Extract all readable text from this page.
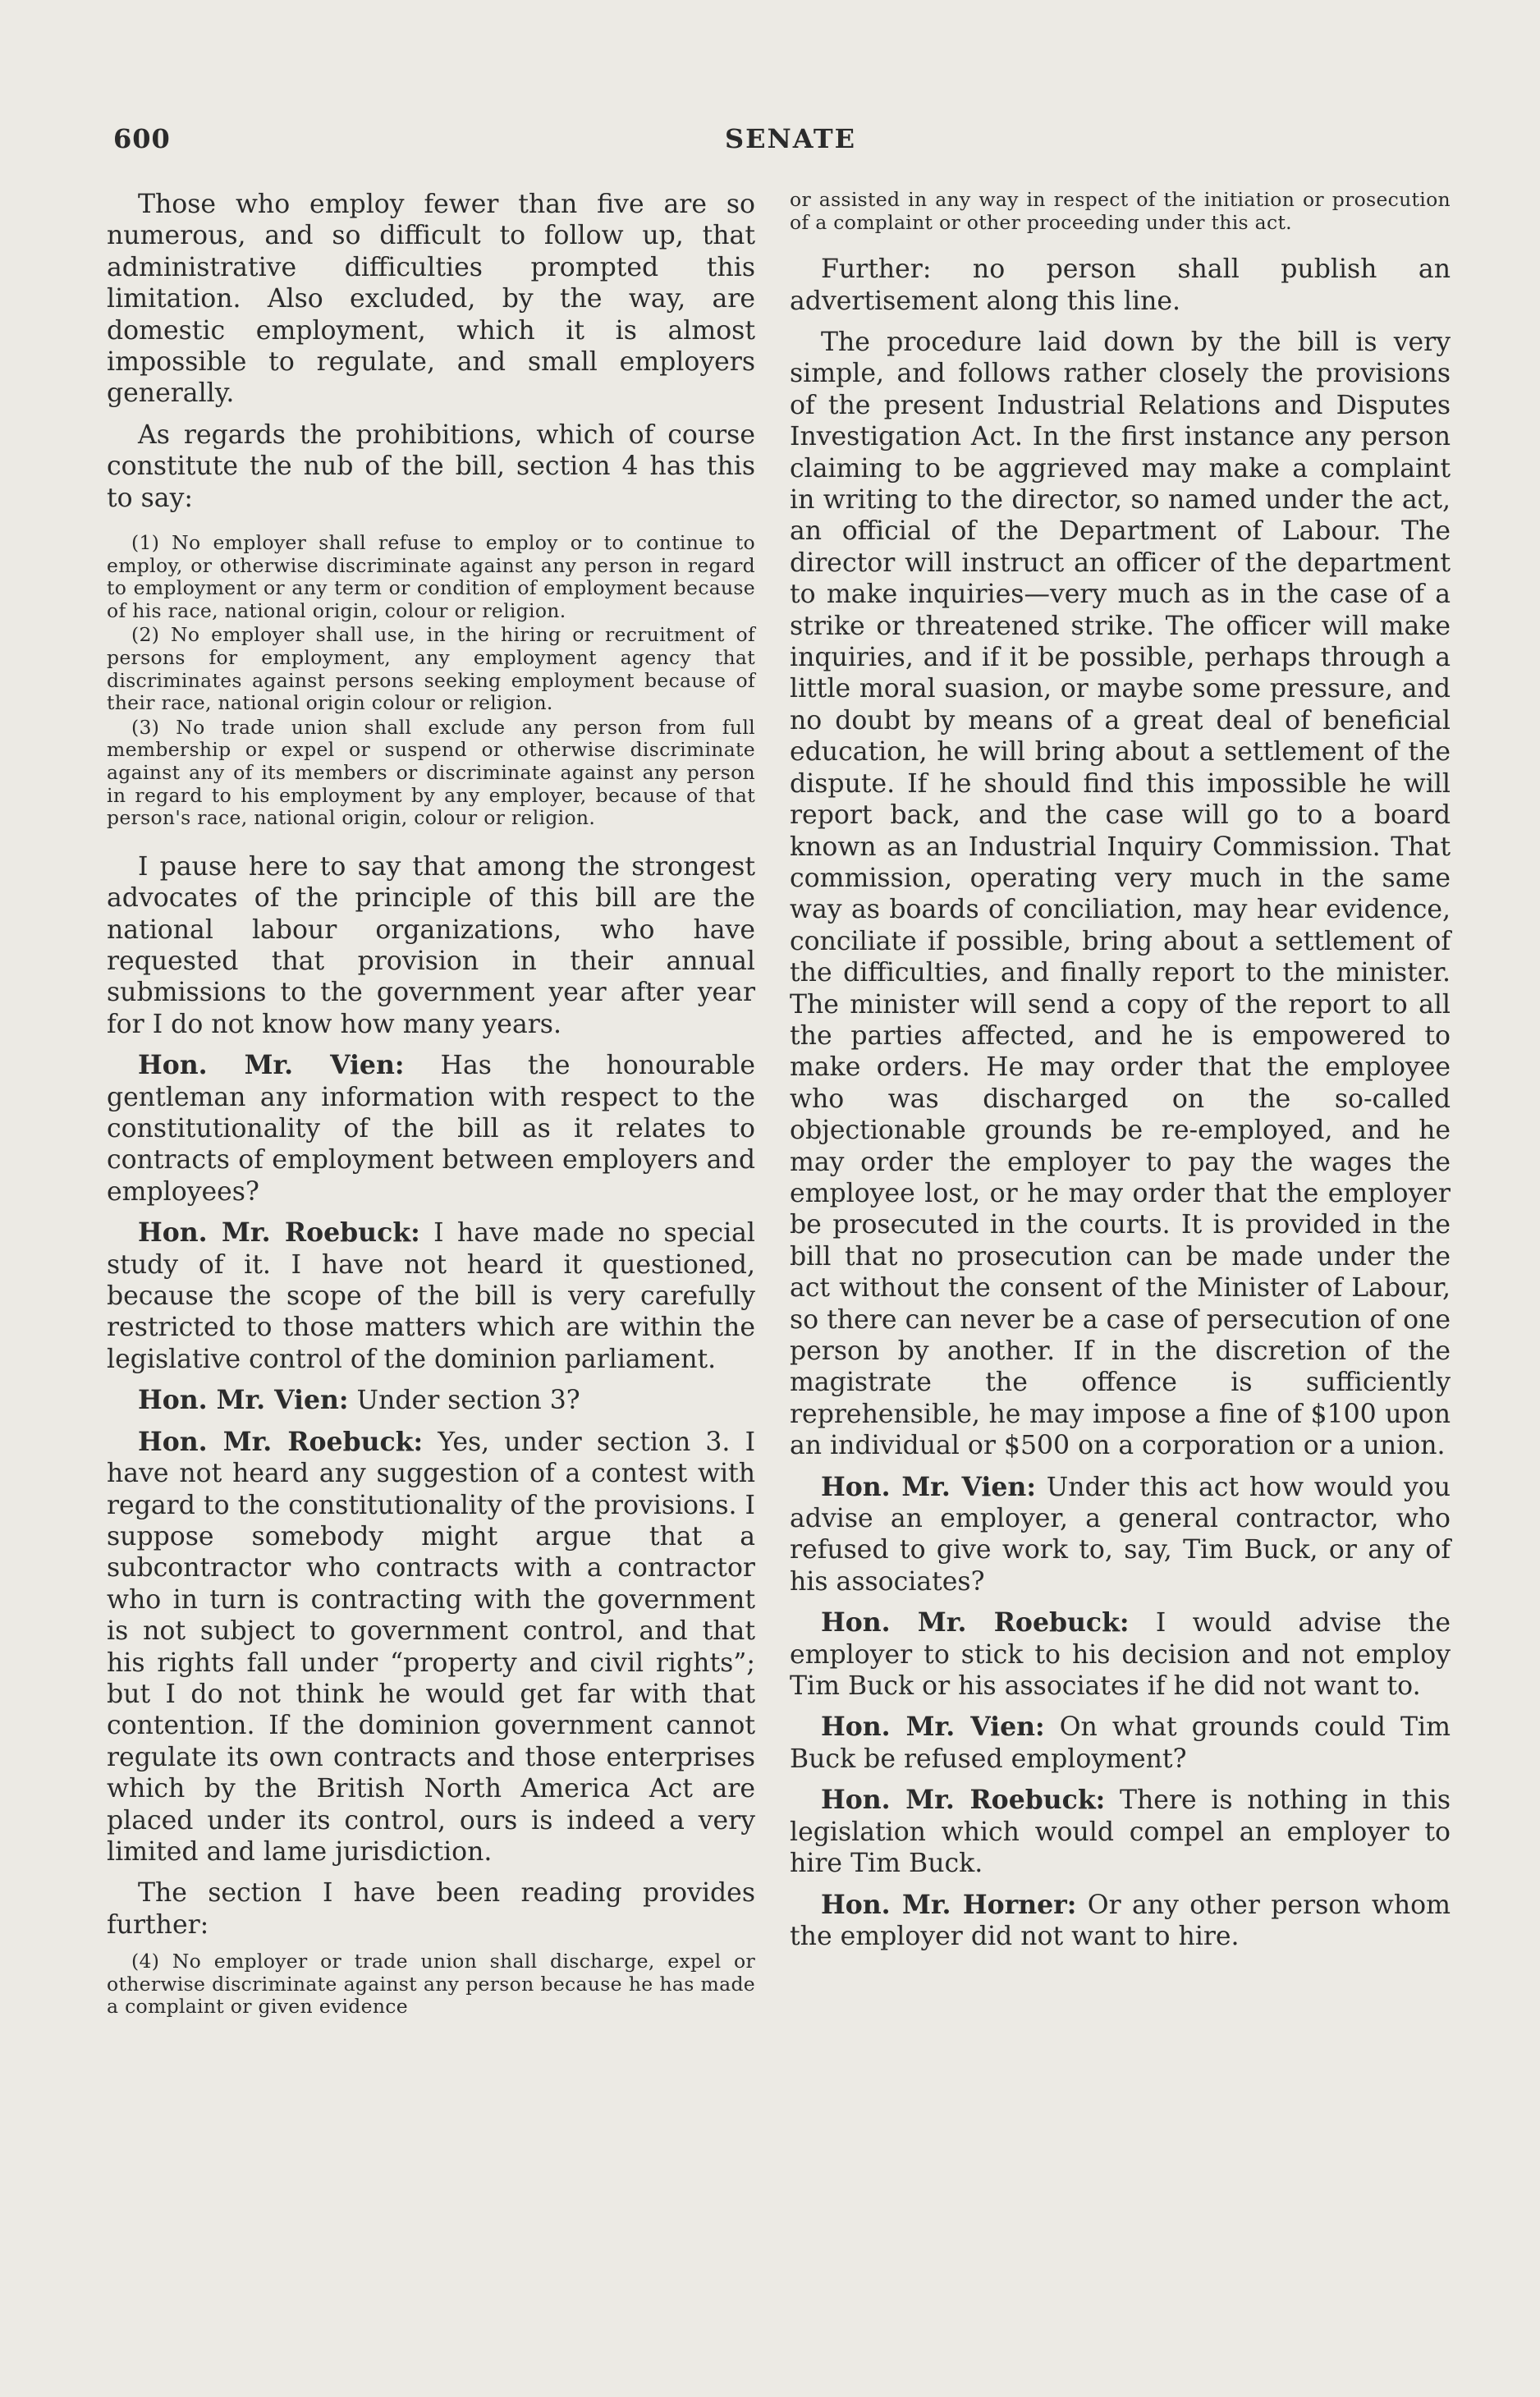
600	SENATE

Those who employ fewer than five are so numerous, and so difficult to follow up, that administrative difficulties prompted this limitation. Also excluded, by the way, are domestic employment, which it is almost impossible to regulate, and small employers generally.

As regards the prohibitions, which of course constitute the nub of the bill, section 4 has this to say:

(1) No employer shall refuse to employ or to continue to employ, or otherwise discriminate against any person in regard to employment or any term or condition of employment because of his race, national origin, colour or religion.

(2) No employer shall use, in the hiring or recruitment of persons for employment, any employment agency that discriminates against persons seeking employment because of their race, national origin colour or religion.

(3) No trade union shall exclude any person from full membership or expel or suspend or otherwise discriminate against any of its members or discriminate against any person in regard to his employment by any employer, because of that person's race, national origin, colour or religion.

I pause here to say that among the strongest advocates of the principle of this bill are the national labour organizations, who have requested that provision in their annual submissions to the government year after year for I do not know how many years.

Hon. Mr. Vien: Has the honourable gentleman any information with respect to the constitutionality of the bill as it relates to contracts of employment between employers and employees?

Hon. Mr. Roebuck: I have made no special study of it. I have not heard it questioned, because the scope of the bill is very carefully restricted to those matters which are within the legislative control of the dominion parliament.

Hon. Mr. Vien: Under section 3?

Hon. Mr. Roebuck: Yes, under section 3. I have not heard any suggestion of a contest with regard to the constitutionality of the provisions. I suppose somebody might argue that a subcontractor who contracts with a contractor who in turn is contracting with the government is not subject to government control, and that his rights fall under “property and civil rights”; but I do not think he would get far with that contention. If the dominion government cannot regulate its own contracts and those enterprises which by the British North America Act are placed under its control, ours is indeed a very limited and lame jurisdiction.

The section I have been reading provides further:

(4) No employer or trade union shall discharge, expel or otherwise discriminate against any person because he has made a complaint or given evidence

or assisted in any way in respect of the initiation or prosecution of a complaint or other proceeding under this act.

Further: no person shall publish an advertisement along this line.

The procedure laid down by the bill is very simple, and follows rather closely the provisions of the present Industrial Relations and Disputes Investigation Act. In the first instance any person claiming to be aggrieved may make a complaint in writing to the director, so named under the act, an official of the Department of Labour. The director will instruct an officer of the department to make inquiries—very much as in the case of a strike or threatened strike. The officer will make inquiries, and if it be possible, perhaps through a little moral suasion, or maybe some pressure, and no doubt by means of a great deal of beneficial education, he will bring about a settlement of the dispute. If he should find this impossible he will report back, and the case will go to a board known as an Industrial Inquiry Commission. That commission, operating very much in the same way as boards of conciliation, may hear evidence, conciliate if possible, bring about a settlement of the difficulties, and finally report to the minister. The minister will send a copy of the report to all the parties affected, and he is empowered to make orders. He may order that the employee who was discharged on the so-called objectionable grounds be re-employed, and he may order the employer to pay the wages the employee lost, or he may order that the employer be prosecuted in the courts. It is provided in the bill that no prosecution can be made under the act without the consent of the Minister of Labour, so there can never be a case of persecution of one person by another. If in the discretion of the magistrate the offence is sufficiently reprehensible, he may impose a fine of $100 upon an individual or $500 on a corporation or a union.

Hon. Mr. Vien: Under this act how would you advise an employer, a general contractor, who refused to give work to, say, Tim Buck, or any of his associates?

Hon. Mr. Roebuck: I would advise the employer to stick to his decision and not employ Tim Buck or his associates if he did not want to.

Hon. Mr. Vien: On what grounds could Tim Buck be refused employment?

Hon. Mr. Roebuck: There is nothing in this legislation which would compel an employer to hire Tim Buck.

Hon. Mr. Horner: Or any other person whom the employer did not want to hire.
